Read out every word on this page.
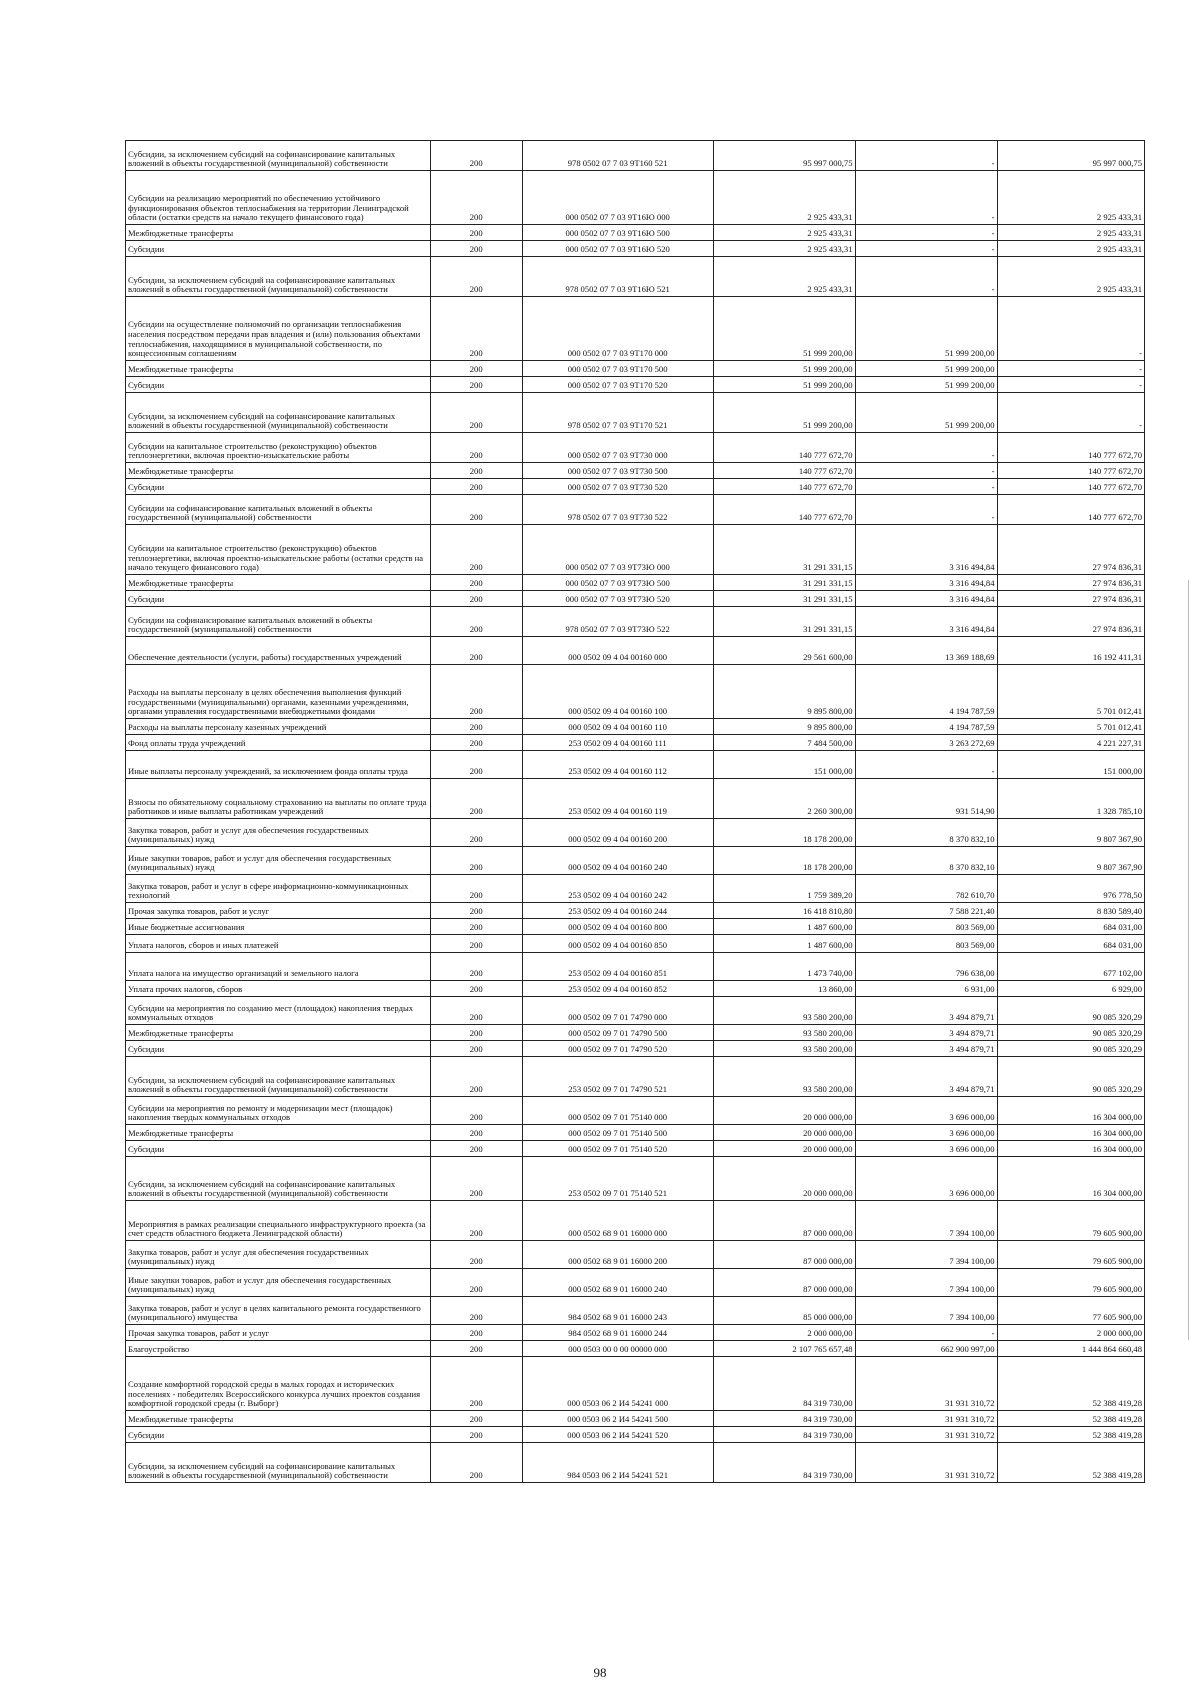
Субсидии, за исключением субсидий на софинансирование капитальных вложений в объекты государственной (муниципальной) собственности	200	978 0502 07 7 03 9Т160 521	95 997 000,75	-	95 997 000,75
Субсидии на реализацию мероприятий по обеспечению устойчивого функционирования объектов теплоснабжения на территории Ленинградской области (остатки средств на начало текущего финансового года)	200	000 0502 07 7 03 9Т16Ю 000	2 925 433,31	-	2 925 433,31
Межбюджетные трансферты	200	000 0502 07 7 03 9Т16Ю 500	2 925 433,31	-	2 925 433,31
Субсидии	200	000 0502 07 7 03 9Т16Ю 520	2 925 433,31	-	2 925 433,31
Субсидии, за исключением субсидий на софинансирование капитальных вложений в объекты государственной (муниципальной) собственности	200	978 0502 07 7 03 9Т16Ю 521	2 925 433,31	-	2 925 433,31
Субсидии на осуществление полномочий по организации теплоснабжения населения посредством передачи прав владения и (или) пользования объектами теплоснабжения, находящимися в муниципальной собственности, по концессионным соглашениям	200	000 0502 07 7 03 9Т170 000	51 999 200,00	51 999 200,00	-
Межбюджетные трансферты	200	000 0502 07 7 03 9Т170 500	51 999 200,00	51 999 200,00	-
Субсидии	200	000 0502 07 7 03 9Т170 520	51 999 200,00	51 999 200,00	-
Субсидии, за исключением субсидий на софинансирование капитальных вложений в объекты государственной (муниципальной) собственности	200	978 0502 07 7 03 9Т170 521	51 999 200,00	51 999 200,00	-
Субсидии на капитальное строительство (реконструкцию) объектов теплоэнергетики, включая проектно-изыскательские работы	200	000 0502 07 7 03 9Т730 000	140 777 672,70	-	140 777 672,70
Межбюджетные трансферты	200	000 0502 07 7 03 9Т730 500	140 777 672,70	-	140 777 672,70
Субсидии	200	000 0502 07 7 03 9Т730 520	140 777 672,70	-	140 777 672,70
Субсидии на софинансирование капитальных вложений в объекты государственной (муниципальной) собственности	200	978 0502 07 7 03 9Т730 522	140 777 672,70	-	140 777 672,70
Субсидии на капитальное строительство (реконструкцию) объектов теплоэнергетики, включая проектно-изыскательские работы (остатки средств на начало текущего финансового года)	200	000 0502 07 7 03 9Т73Ю 000	31 291 331,15	3 316 494,84	27 974 836,31
Межбюджетные трансферты	200	000 0502 07 7 03 9Т73Ю 500	31 291 331,15	3 316 494,84	27 974 836,31
Субсидии	200	000 0502 07 7 03 9Т73Ю 520	31 291 331,15	3 316 494,84	27 974 836,31
Субсидии на софинансирование капитальных вложений в объекты государственной (муниципальной) собственности	200	978 0502 07 7 03 9Т73Ю 522	31 291 331,15	3 316 494,84	27 974 836,31
Обеспечение деятельности (услуги, работы) государственных учреждений	200	000 0502 09 4 04 00160 000	29 561 600,00	13 369 188,69	16 192 411,31
Расходы на выплаты персоналу в целях обеспечения выполнения функций государственными (муниципальными) органами, казенными учреждениями, органами управления государственными внебюджетными фондами	200	000 0502 09 4 04 00160 100	9 895 800,00	4 194 787,59	5 701 012,41
Расходы на выплаты персоналу казенных учреждений	200	000 0502 09 4 04 00160 110	9 895 800,00	4 194 787,59	5 701 012,41
Фонд оплаты труда учреждений	200	253 0502 09 4 04 00160 111	7 484 500,00	3 263 272,69	4 221 227,31
Иные выплаты персоналу учреждений, за исключением фонда оплаты труда	200	253 0502 09 4 04 00160 112	151 000,00	-	151 000,00
Взносы по обязательному социальному страхованию на выплаты по оплате труда работников и иные выплаты работникам учреждений	200	253 0502 09 4 04 00160 119	2 260 300,00	931 514,90	1 328 785,10
Закупка товаров, работ и услуг для обеспечения государственных (муниципальных) нужд	200	000 0502 09 4 04 00160 200	18 178 200,00	8 370 832,10	9 807 367,90
Иные закупки товаров, работ и услуг для обеспечения государственных (муниципальных) нужд	200	000 0502 09 4 04 00160 240	18 178 200,00	8 370 832,10	9 807 367,90
Закупка товаров, работ и услуг в сфере информационно-коммуникационных технологий	200	253 0502 09 4 04 00160 242	1 759 389,20	782 610,70	976 778,50
Прочая закупка товаров, работ и услуг	200	253 0502 09 4 04 00160 244	16 418 810,80	7 588 221,40	8 830 589,40
Иные бюджетные ассигнования	200	000 0502 09 4 04 00160 800	1 487 600,00	803 569,00	684 031,00
Уплата налогов, сборов и иных платежей	200	000 0502 09 4 04 00160 850	1 487 600,00	803 569,00	684 031,00
Уплата налога на имущество организаций и земельного налога	200	253 0502 09 4 04 00160 851	1 473 740,00	796 638,00	677 102,00
Уплата прочих налогов, сборов	200	253 0502 09 4 04 00160 852	13 860,00	6 931,00	6 929,00
Субсидии на мероприятия по созданию мест (площадок) накопления твердых коммунальных отходов	200	000 0502 09 7 01 74790 000	93 580 200,00	3 494 879,71	90 085 320,29
Межбюджетные трансферты	200	000 0502 09 7 01 74790 500	93 580 200,00	3 494 879,71	90 085 320,29
Субсидии	200	000 0502 09 7 01 74790 520	93 580 200,00	3 494 879,71	90 085 320,29
Субсидии, за исключением субсидий на софинансирование капитальных вложений в объекты государственной (муниципальной) собственности	200	253 0502 09 7 01 74790 521	93 580 200,00	3 494 879,71	90 085 320,29
Субсидии на мероприятия по ремонту и модернизации мест (площадок) накопления твердых коммунальных отходов	200	000 0502 09 7 01 75140 000	20 000 000,00	3 696 000,00	16 304 000,00
Межбюджетные трансферты	200	000 0502 09 7 01 75140 500	20 000 000,00	3 696 000,00	16 304 000,00
Субсидии	200	000 0502 09 7 01 75140 520	20 000 000,00	3 696 000,00	16 304 000,00
Субсидии, за исключением субсидий на софинансирование капитальных вложений в объекты государственной (муниципальной) собственности	200	253 0502 09 7 01 75140 521	20 000 000,00	3 696 000,00	16 304 000,00
Мероприятия в рамках реализации специального инфраструктурного проекта (за счет средств областного бюджета Ленинградской области)	200	000 0502 68 9 01 16000 000	87 000 000,00	7 394 100,00	79 605 900,00
Закупка товаров, работ и услуг для обеспечения государственных (муниципальных) нужд	200	000 0502 68 9 01 16000 200	87 000 000,00	7 394 100,00	79 605 900,00
Иные закупки товаров, работ и услуг для обеспечения государственных (муниципальных) нужд	200	000 0502 68 9 01 16000 240	87 000 000,00	7 394 100,00	79 605 900,00
Закупка товаров, работ и услуг в целях капитального ремонта государственного (муниципального) имущества	200	984 0502 68 9 01 16000 243	85 000 000,00	7 394 100,00	77 605 900,00
Прочая закупка товаров, работ и услуг	200	984 0502 68 9 01 16000 244	2 000 000,00	-	2 000 000,00
Благоустройство	200	000 0503 00 0 00 00000 000	2 107 765 657,48	662 900 997,00	1 444 864 660,48
Создание комфортной городской среды в малых городах и исторических поселениях - победителях Всероссийского конкурса лучших проектов создания комфортной городской среды (г. Выборг)	200	000 0503 06 2 И4 54241 000	84 319 730,00	31 931 310,72	52 388 419,28
Межбюджетные трансферты	200	000 0503 06 2 И4 54241 500	84 319 730,00	31 931 310,72	52 388 419,28
Субсидии	200	000 0503 06 2 И4 54241 520	84 319 730,00	31 931 310,72	52 388 419,28
Субсидии, за исключением субсидий на софинансирование капитальных вложений в объекты государственной (муниципальной) собственности	200	984 0503 06 2 И4 54241 521	84 319 730,00	31 931 310,72	52 388 419,28
98
